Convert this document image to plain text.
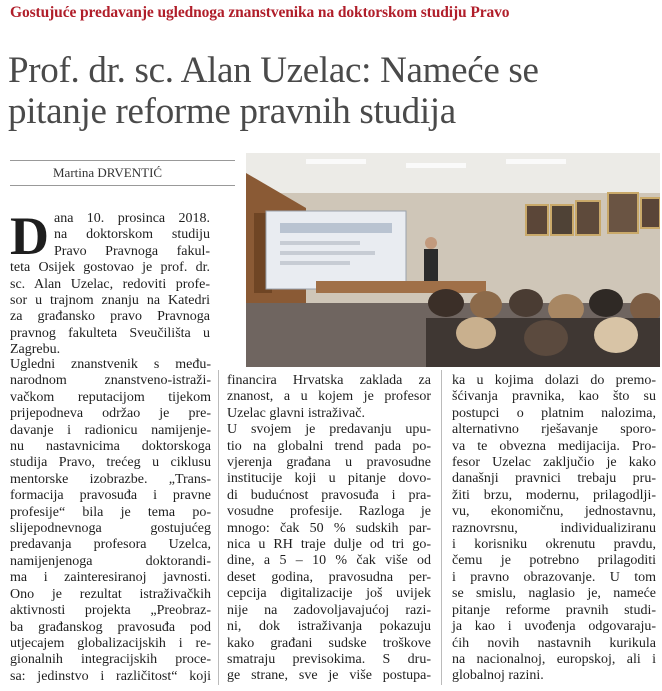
Gostujuće predavanje uglednoga znanstvenika na doktorskom studiju Pravo
Prof. dr. sc. Alan Uzelac: Nameće se
pitanje reforme pravnih studija
Martina DRVENTIĆ
D ana 10. prosinca 2018.
na doktorskom studiju
Pravo Pravnoga fakul-
teta Osijek gostovao je prof. dr.
sc. Alan Uzelac, redoviti profe-
sor u trajnom znanju na Katedri
za građansko pravo Pravnoga
pravnog fakulteta Sveučilišta u
Zagrebu.
Ugledni znanstvenik s među-
narodnom znanstveno-istraži-
vačkom reputacijom tijekom
prijepodneva održao je pre-
davanje i radionicu namijenje-
nu nastavnicima doktorskoga
studija Pravo, trećeg u ciklusu
mentorske izobrazbe. „Trans-
formacija pravosuđa i pravne
profesije“ bila je tema po-
slijepodnevnoga gostujućeg
predavanja profesora Uzelca,
namijenjenoga doktorandi-
ma i zainteresiranoj javnosti.
Ono je rezultat istraživačkih
aktivnosti projekta „Preobraz-
ba građanskog pravosuđa pod
utjecajem globalizacijskih i re-
gionalnih integracijskih proce-
sa: jedinstvo i različitost“ koji
financira Hrvatska zaklada za
znanost, a u kojem je profesor
Uzelac glavni istraživač.
U svojem je predavanju upu-
tio na globalni trend pada po-
vjerenja građana u pravosudne
institucije koji u pitanje dovo-
di budućnost pravosuđa i pra-
vosudne profesije. Razloga je
mnogo: čak 50 % sudskih par-
nica u RH traje dulje od tri go-
dine, a 5 – 10 % čak više od
deset godina, pravosudna per-
cepcija digitalizacije još uvijek
nije na zadovoljavajućoj razi-
ni, dok istraživanja pokazuju
kako građani sudske troškove
smatraju previsokima. S dru-
ge strane, sve je više postupa-
ka u kojima dolazi do premo-
šćivanja pravnika, kao što su
postupci o platnim nalozima,
alternativno rješavanje sporo-
va te obvezna medijacija. Pro-
fesor Uzelac zaključio je kako
današnji pravnici trebaju pru-
žiti brzu, modernu, prilagodlji-
vu, ekonomičnu, jednostavnu,
raznovrsnu, individualiziranu
i korisniku okrenutu pravdu,
čemu je potrebno prilagoditi
i pravno obrazovanje. U tom
se smislu, naglasio je, nameće
pitanje reforme pravnih studi-
ja kao i uvođenja odgovaraju-
ćih novih nastavnih kurikula
na nacionalnoj, europskoj, ali i
globalnoj razini.
